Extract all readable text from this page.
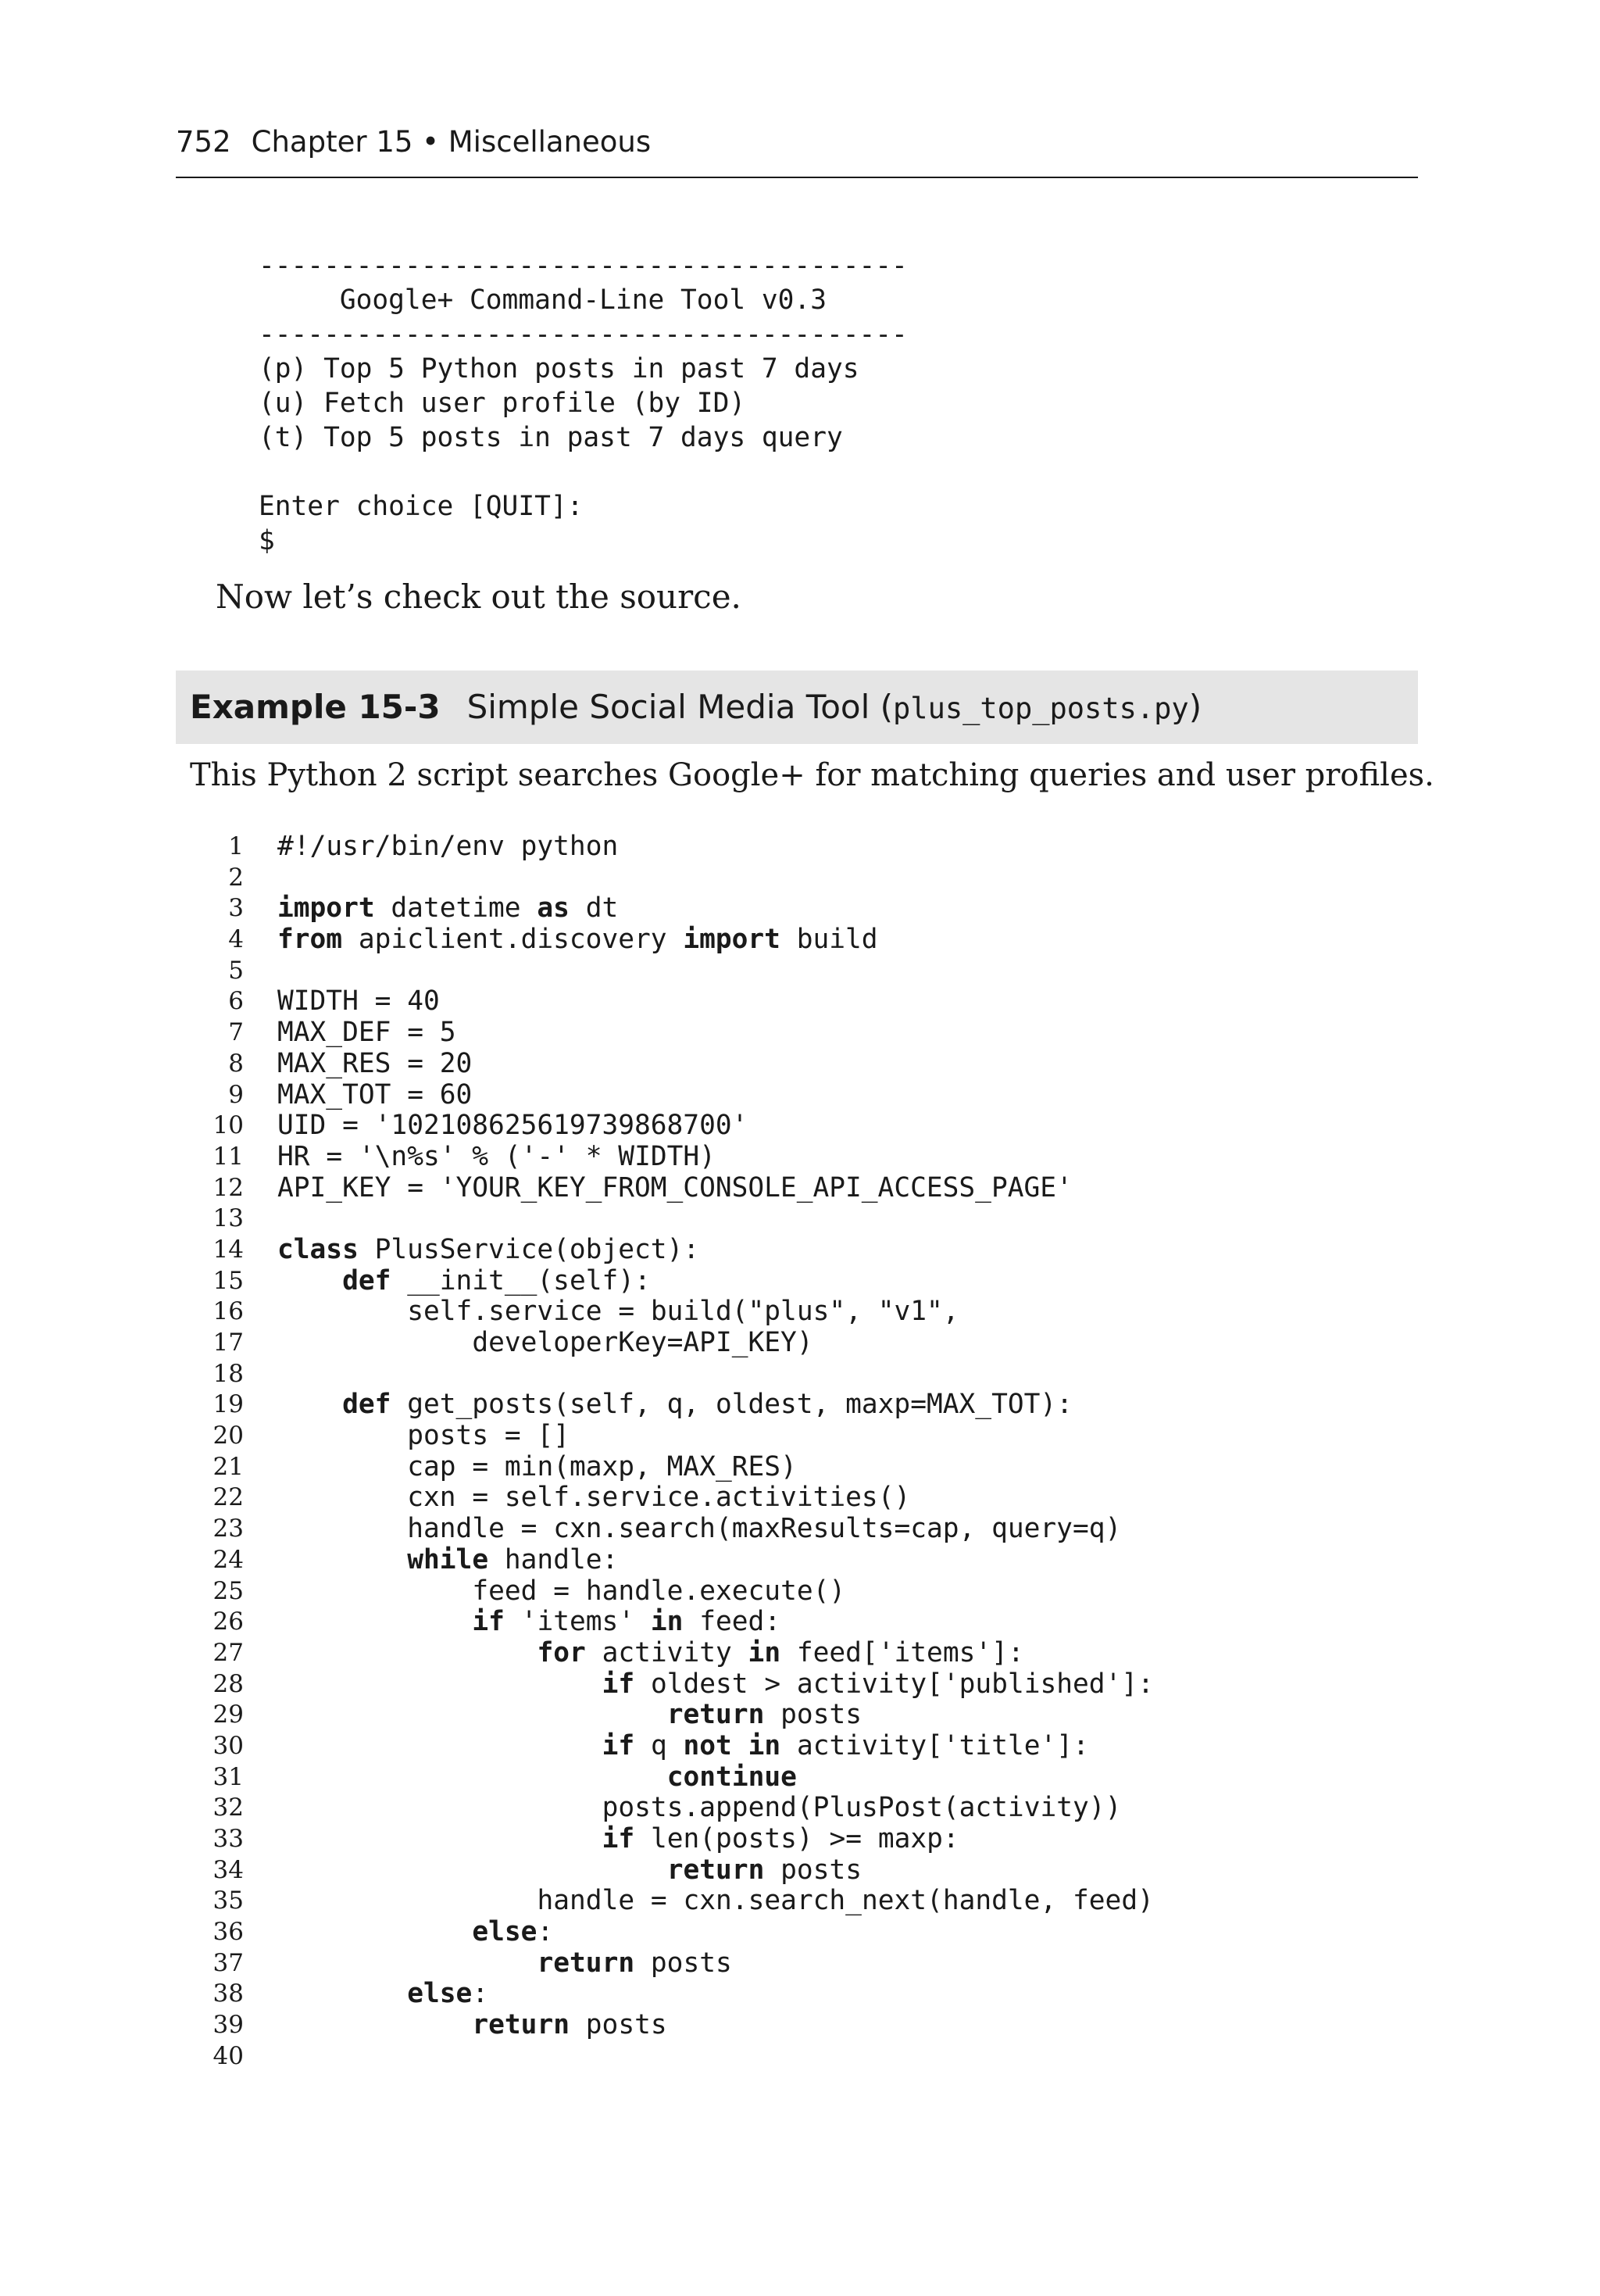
752 Chapter 15 • Miscellaneous
----------------------------------------
Google+ Command-Line Tool v0.3
----------------------------------------
(p) Top 5 Python posts in past 7 days
(u) Fetch user profile (by ID)
(t) Top 5 posts in past 7 days query

Enter choice [QUIT]:
$
Now let’s check out the source.
Example 15-3 Simple Social Media Tool (plus_top_posts.py)
This Python 2 script searches Google+ for matching queries and user profiles.
1 #!/usr/bin/env python
2
3 import datetime as dt
4 from apiclient.discovery import build
5
6 WIDTH = 40
7 MAX_DEF = 5
8 MAX_RES = 20
9 MAX_TOT = 60
10 UID = '102108625619739868700'
11 HR = '\n%s' % ('-' * WIDTH)
12 API_KEY = 'YOUR_KEY_FROM_CONSOLE_API_ACCESS_PAGE'
13
14 class PlusService(object):
15	def __init__(self):
16	self.service = build("plus", "v1",
17	developerKey=API_KEY)
18
19	def get_posts(self, q, oldest, maxp=MAX_TOT):
20	posts = []
21	cap = min(maxp, MAX_RES)
22	cxn = self.service.activities()
23	handle = cxn.search(maxResults=cap, query=q)
24	while handle:
25	feed = handle.execute()
26	if 'items' in feed:
27	for activity in feed['items']:
28	if oldest > activity['published']:
29	return posts
30	if q not in activity['title']:
31	continue
32	posts.append(PlusPost(activity))
33	if len(posts) >= maxp:
34	return posts
35	handle = cxn.search_next(handle, feed)
36	else:
37	return posts
38	else:
39	return posts
40
